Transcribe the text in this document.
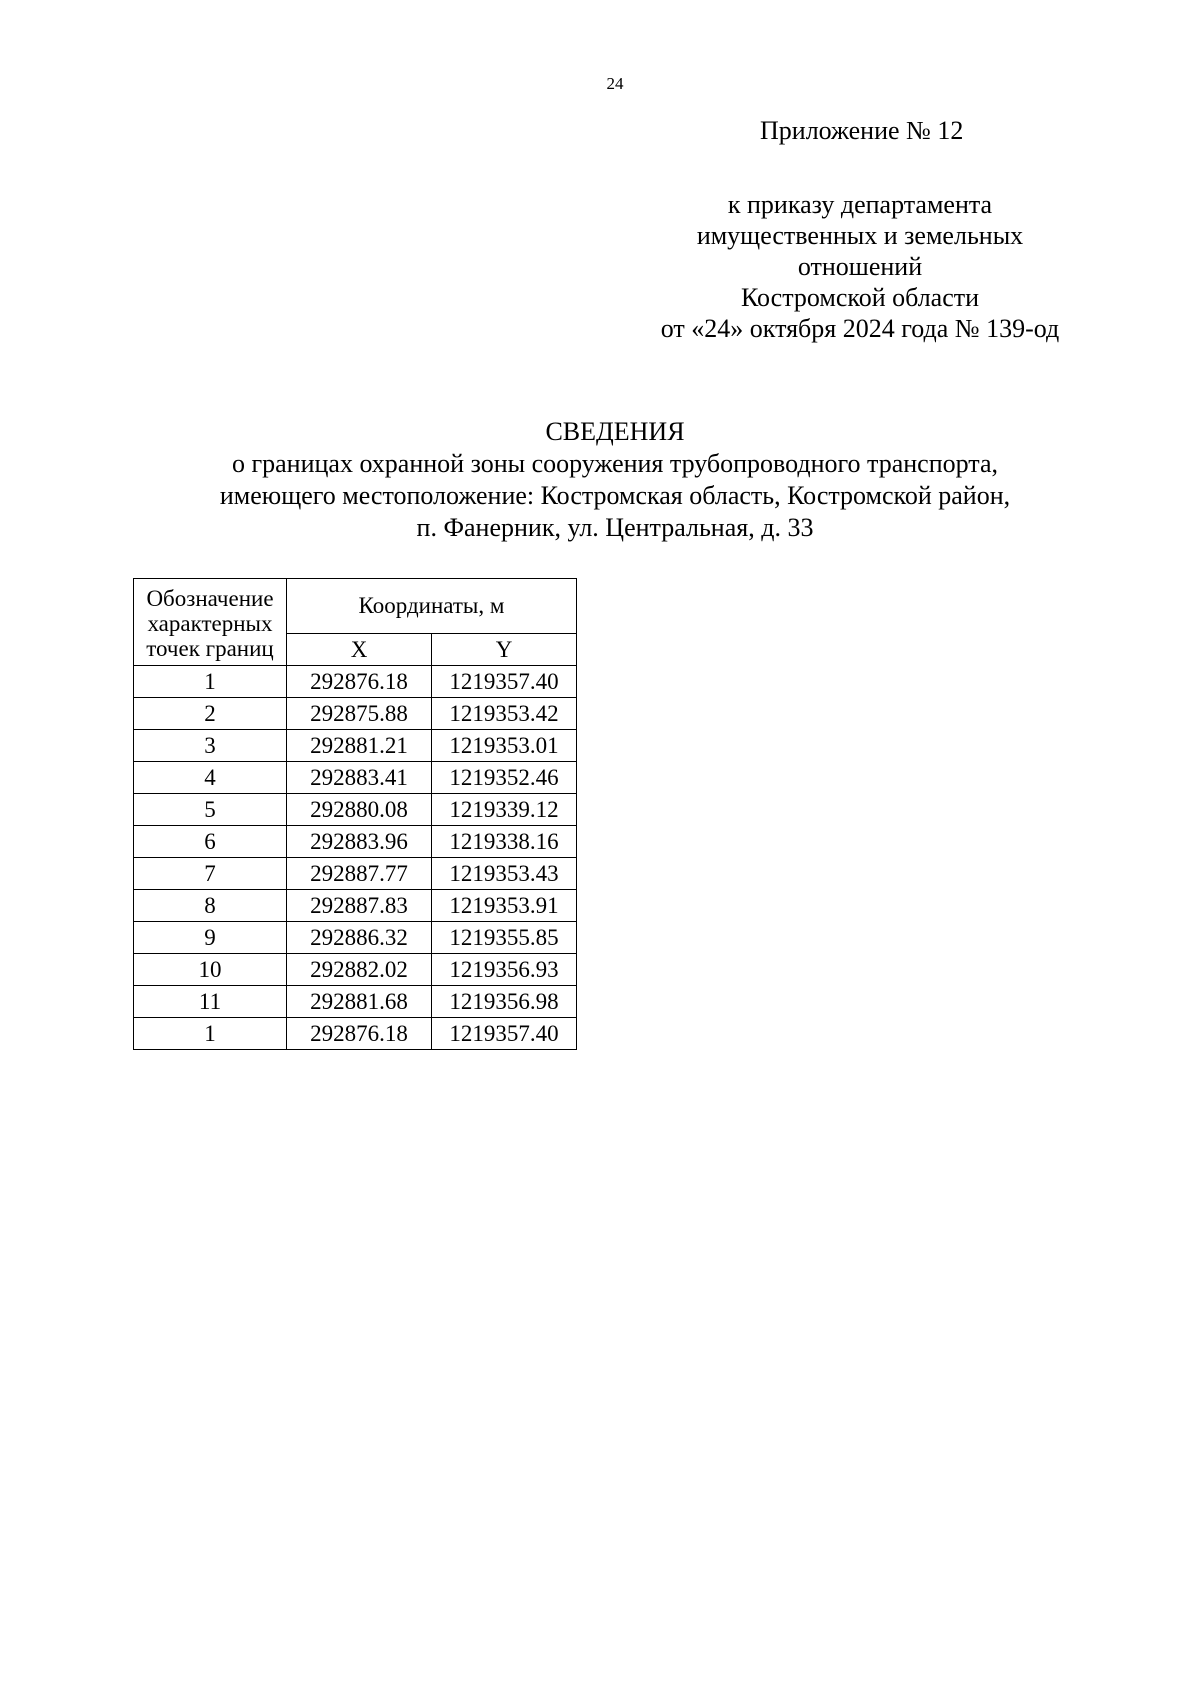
24
Приложение № 12
к приказу департамента
имущественных и земельных
отношений
Костромской области
от «24» октября 2024 года № 139-од
СВЕДЕНИЯ
о границах охранной зоны сооружения трубопроводного транспорта,
имеющего местоположение: Костромская область, Костромской район,
п. Фанерник, ул. Центральная, д. 33
Обозначение
характерных
точек границ	Координаты, м	
	X	Y
1	292876.18	1219357.40
2	292875.88	1219353.42
3	292881.21	1219353.01
4	292883.41	1219352.46
5	292880.08	1219339.12
6	292883.96	1219338.16
7	292887.77	1219353.43
8	292887.83	1219353.91
9	292886.32	1219355.85
10	292882.02	1219356.93
11	292881.68	1219356.98
1	292876.18	1219357.40
